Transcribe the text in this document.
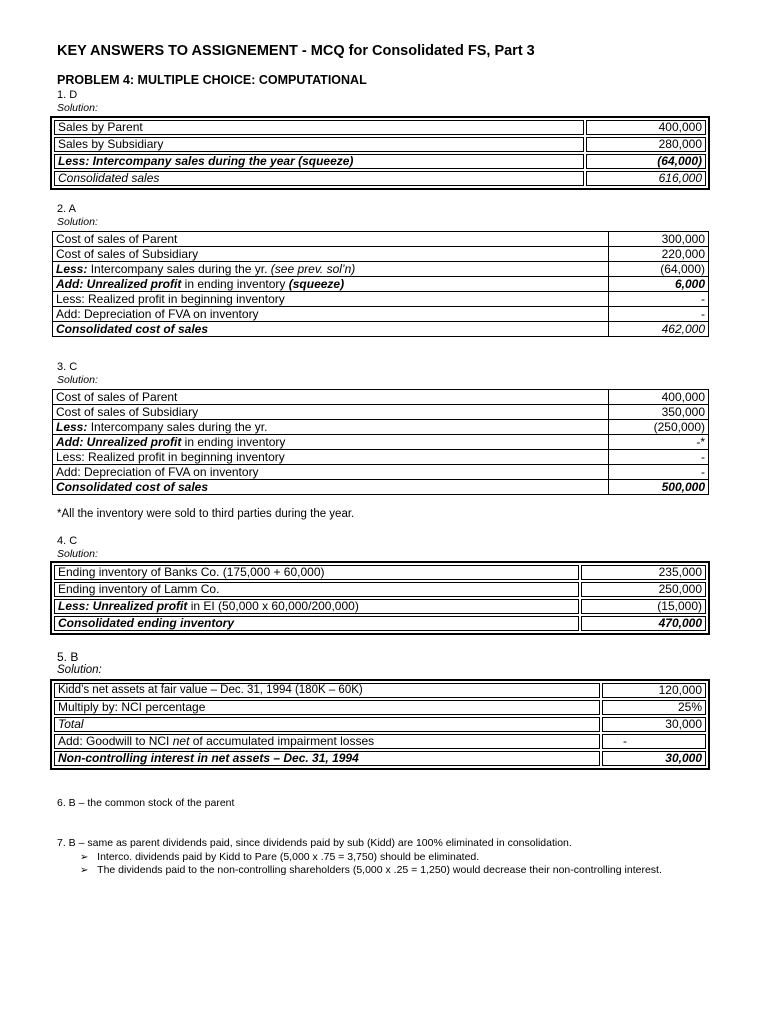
KEY ANSWERS TO ASSIGNEMENT - MCQ for Consolidated FS, Part 3
PROBLEM 4: MULTIPLE CHOICE: COMPUTATIONAL
1. D
Solution:
Sales by Parent	400,000
Sales by Subsidiary	280,000
Less: Intercompany sales during the year (squeeze)	(64,000)
Consolidated sales	616,000
2. A
Solution:
Cost of sales of Parent	300,000
Cost of sales of Subsidiary	220,000
Less: Intercompany sales during the yr. (see prev. sol’n)	(64,000)
Add: Unrealized profit in ending inventory (squeeze)	6,000
Less: Realized profit in beginning inventory	-
Add: Depreciation of FVA on inventory	-
Consolidated cost of sales	462,000
3. C
Solution:
Cost of sales of Parent	400,000
Cost of sales of Subsidiary	350,000
Less: Intercompany sales during the yr.	(250,000)
Add: Unrealized profit in ending inventory	-*
Less: Realized profit in beginning inventory	-
Add: Depreciation of FVA on inventory	-
Consolidated cost of sales	500,000
*All the inventory were sold to third parties during the year.
4. C
Solution:
Ending inventory of Banks Co. (175,000 + 60,000)	235,000
Ending inventory of Lamm Co.	250,000
Less: Unrealized profit in EI (50,000 x 60,000/200,000)	(15,000)
Consolidated ending inventory	470,000
5. B
Solution:
Kidd’s net assets at fair value – Dec. 31, 1994 (180K – 60K)	120,000
Multiply by: NCI percentage	25%
Total	30,000
Add: Goodwill to NCI net of accumulated impairment losses	-
Non-controlling interest in net assets – Dec. 31, 1994	30,000
6. B – the common stock of the parent
7. B – same as parent dividends paid, since dividends paid by sub (Kidd) are 100% eliminated in consolidation.
➢ Interco. dividends paid by Kidd to Pare (5,000 x .75 = 3,750) should be eliminated.
➢ The dividends paid to the non-controlling shareholders (5,000 x .25 = 1,250) would decrease their non-controlling interest.
